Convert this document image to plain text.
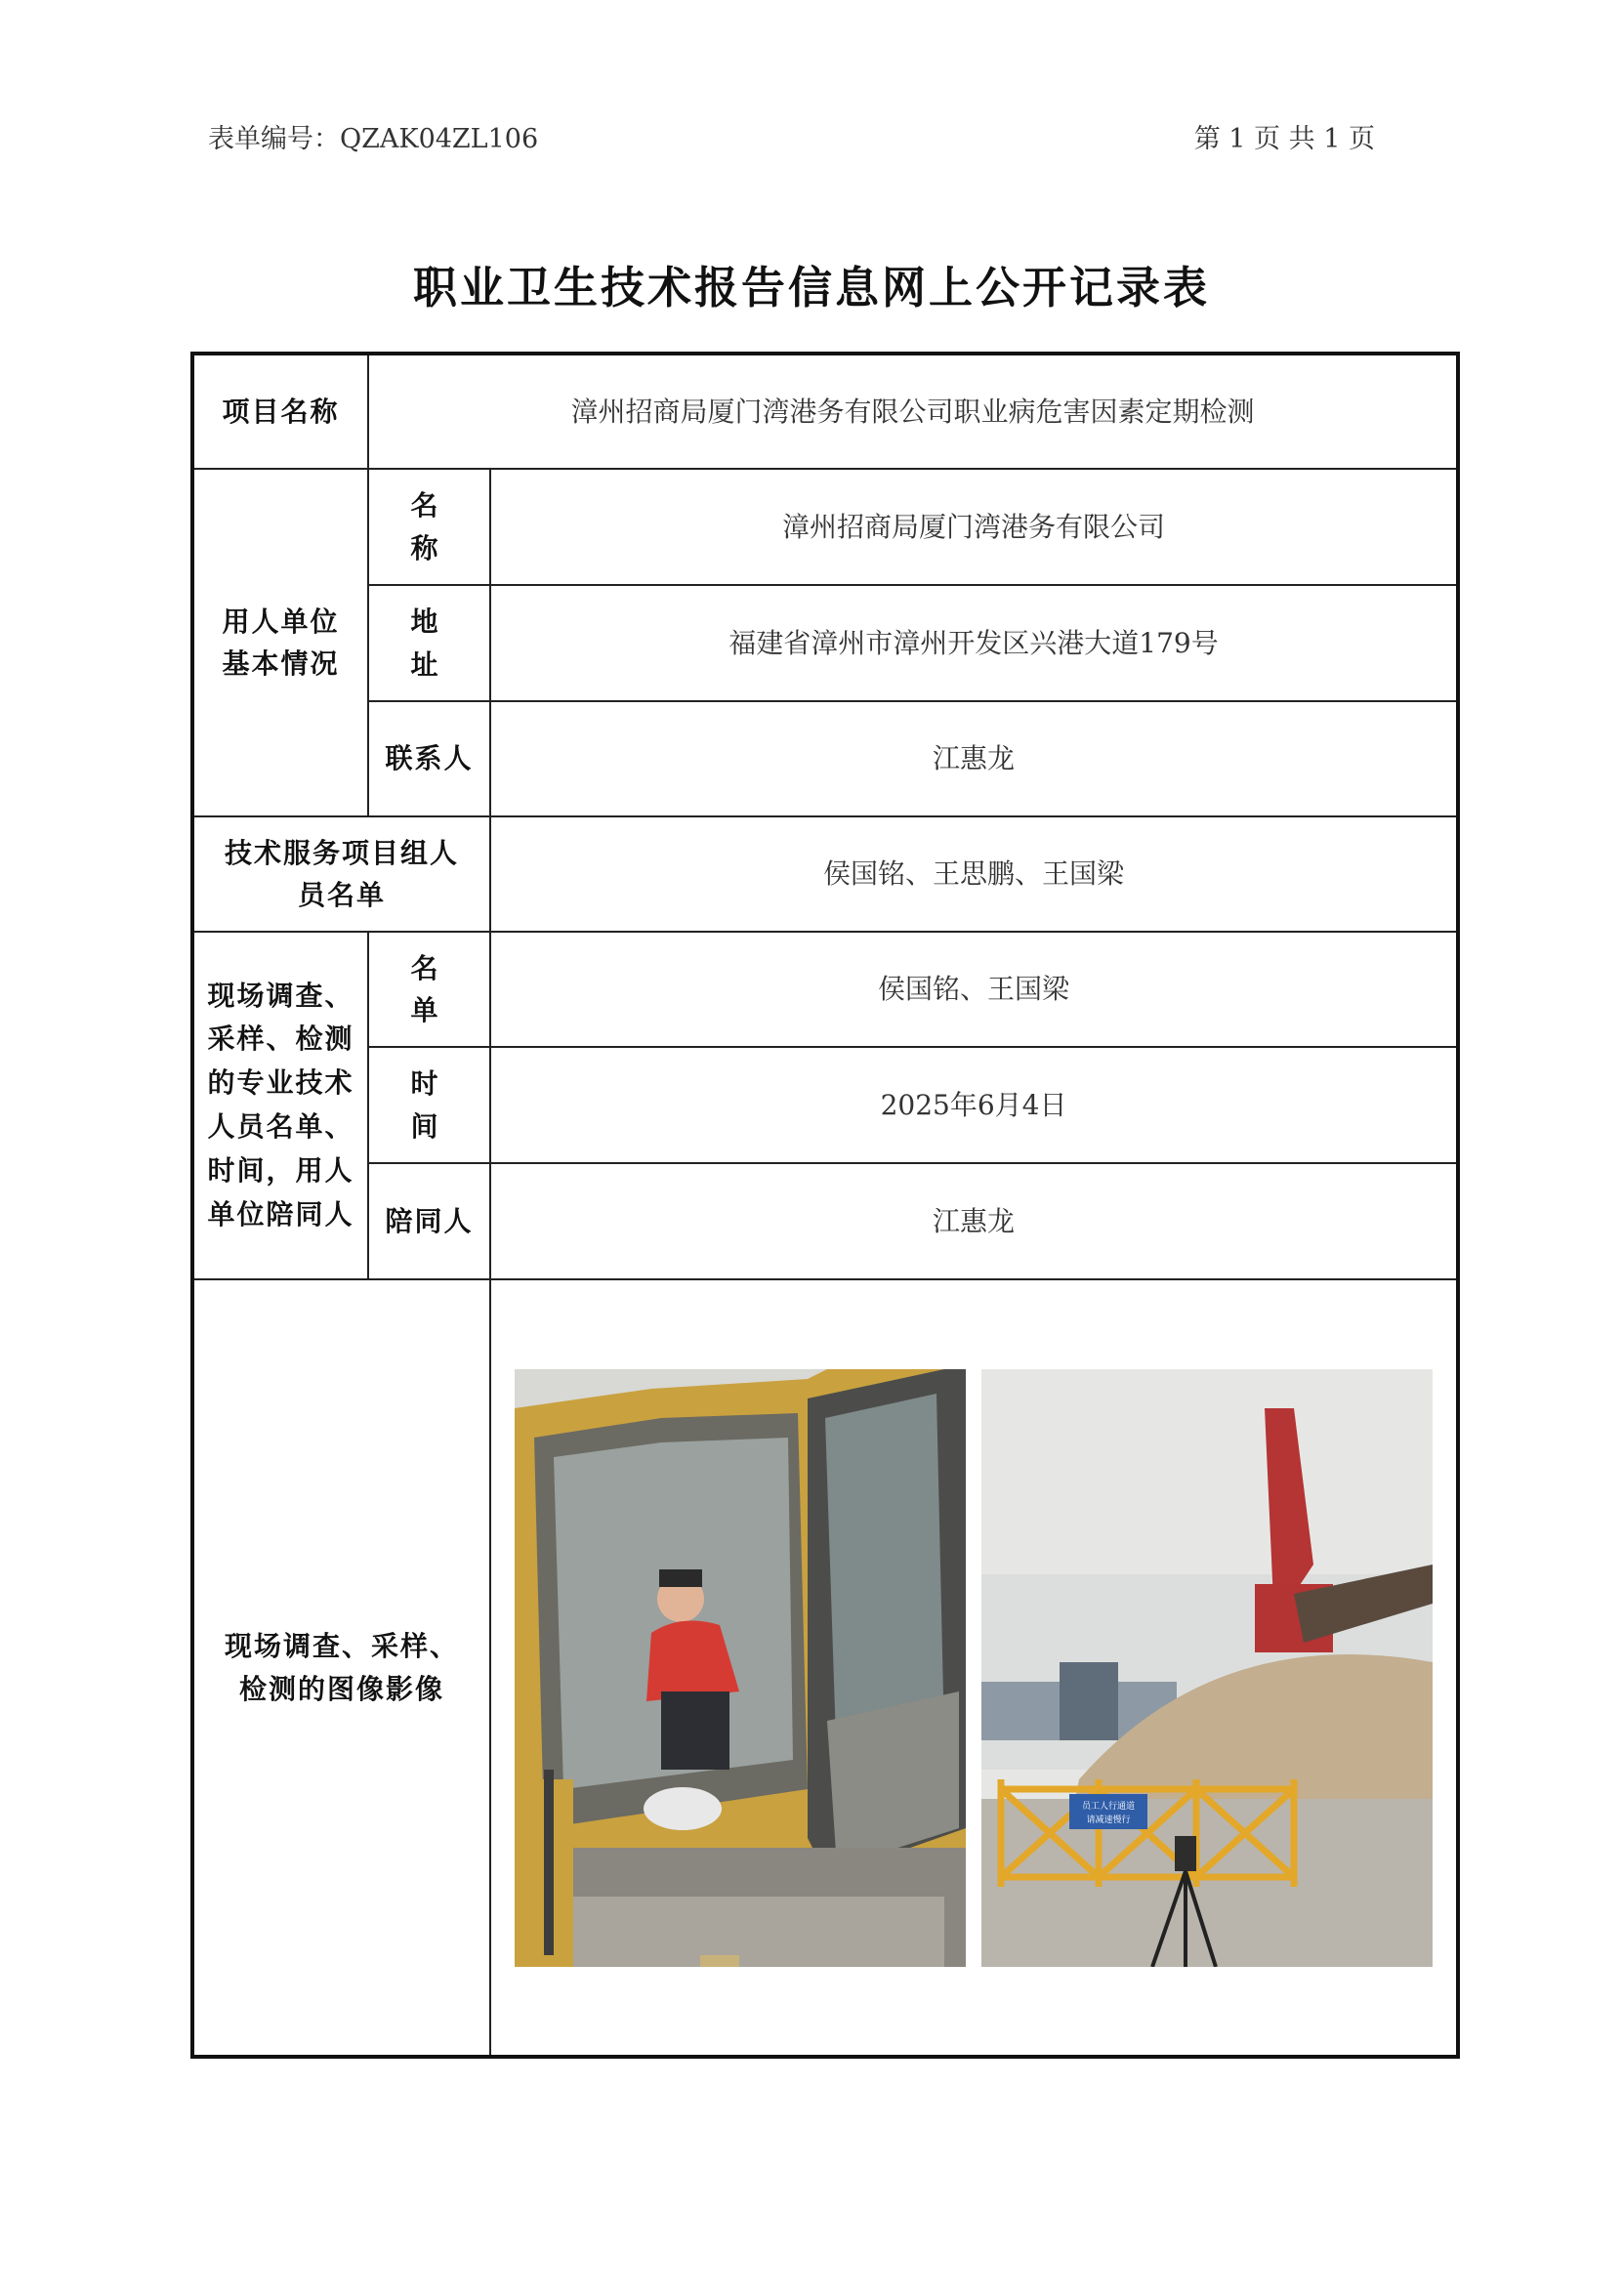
表单编号：QZAK04ZL106	第 1 页 共 1 页
职业卫生技术报告信息网上公开记录表
项目名称	漳州招商局厦门湾港务有限公司职业病危害因素定期检测	
用人单位基本情况	名称	漳州招商局厦门湾港务有限公司
	地址	福建省漳州市漳州开发区兴港大道179号
	联系人	江惠龙
技术服务项目组人员名单		侯国铭、王思鹏、王国梁
现场调查、采样、检测的专业技术人员名单、时间，用人单位陪同人	名单	侯国铭、王国梁
	时间	2025年6月4日
	陪同人	江惠龙
现场调查、采样、检测的图像影像		员工人行通道
请减速慢行
